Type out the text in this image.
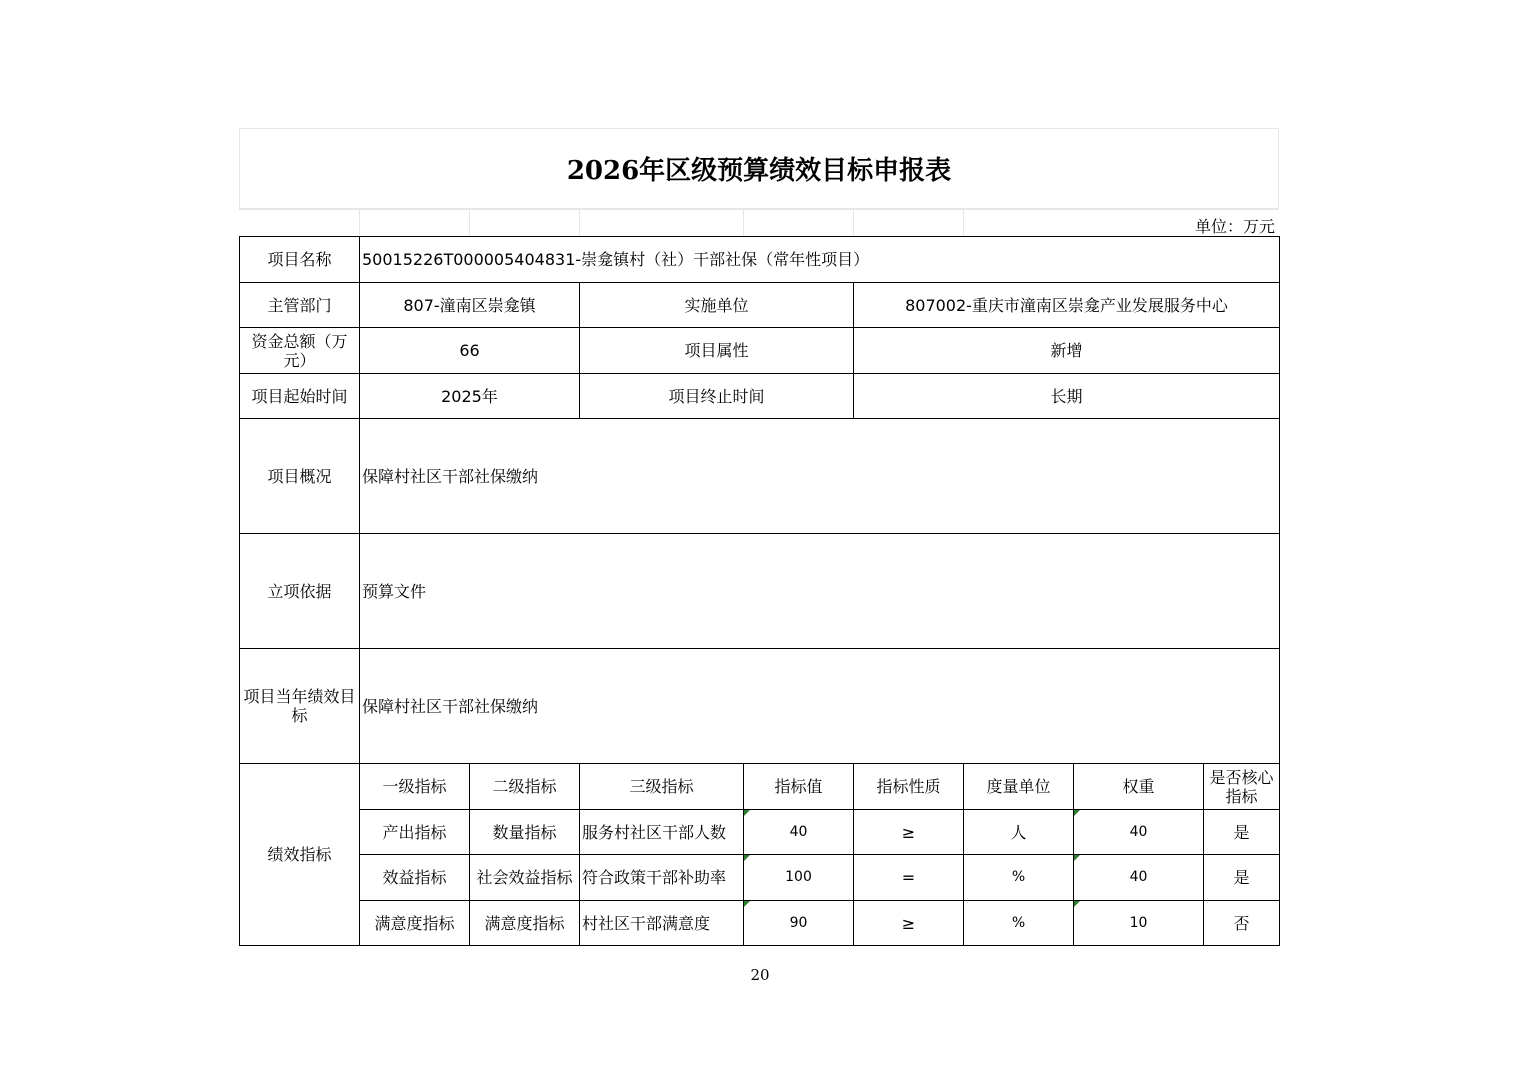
2026年区级预算绩效目标申报表
单位：万元
项目名称	50015226T000005404831-崇龛镇村（社）干部社保（常年性项目）							
主管部门	807-潼南区崇龛镇		实施单位		807002-重庆市潼南区崇龛产业发展服务中心			
资金总额（万元）	66		项目属性		新增			
项目起始时间	2025年		项目终止时间		长期			
项目概况	保障村社区干部社保缴纳							
立项依据	预算文件							
项目当年绩效目标	保障村社区干部社保缴纳							
绩效指标	一级指标	二级指标	三级指标	指标值	指标性质	度量单位	权重	是否核心指标
	产出指标	数量指标	服务村社区干部人数	40	≥	人	40	是
	效益指标	社会效益指标	符合政策干部补助率	100	=	%	40	是
	满意度指标	满意度指标	村社区干部满意度	90	≥	%	10	否
20
